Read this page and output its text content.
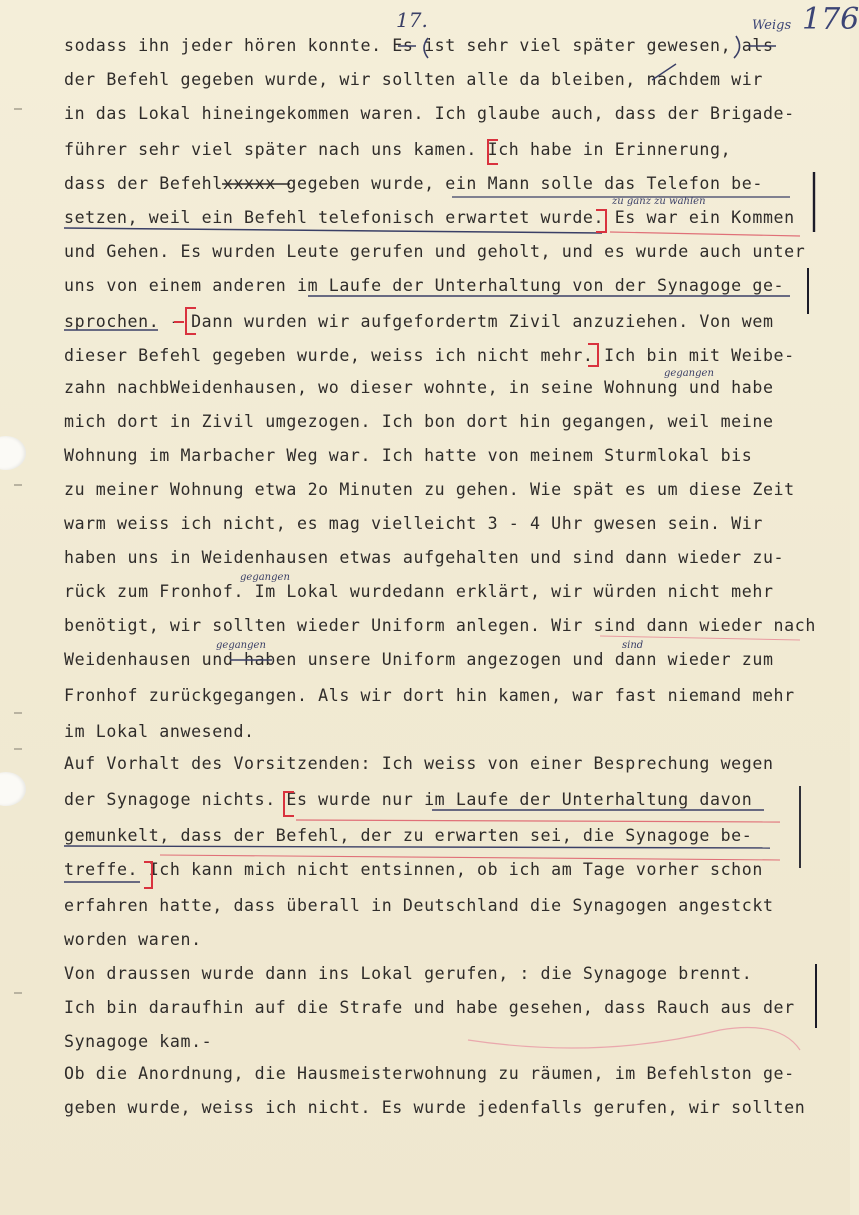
17.	Weigs 176
sodass ihn jeder hören konnte. Es ist sehr viel später gewesen, als
der Befehl gegeben wurde, wir sollten alle da bleiben, nachdem wir
in das Lokal hineingekommen waren. Ich glaube auch, dass der Brigade-
führer sehr viel später nach uns kamen. Ich habe in Erinnerung,
dass der Befehlxxxxx gegeben wurde, ein Mann solle das Telefon be-
setzen, weil ein Befehl telefonisch erwartet wurde. Es war ein Kommen
und Gehen. Es wurden Leute gerufen und geholt, und es wurde auch unter
uns von einem anderen im Laufe der Unterhaltung von der Synagoge ge-
sprochen. - Dann wurden wir aufgefordertm Zivil anzuziehen. Von wem
dieser Befehl gegeben wurde, weiss ich nicht mehr. Ich bin mit Weibe-
zahn nachbWeidenhausen, wo dieser wohnte, in seine Wohnung und habe
mich dort in Zivil umgezogen. Ich bon dort hin gegangen, weil meine
Wohnung im Marbacher Weg war. Ich hatte von meinem Sturmlokal bis
zu meiner Wohnung etwa 2o Minuten zu gehen. Wie spät es um diese Zeit
warm weiss ich nicht, es mag vielleicht 3 - 4 Uhr gwesen sein. Wir
haben uns in Weidenhausen etwas aufgehalten und sind dann wieder zu-
rück zum Fronhof. Im Lokal wurdedann erklärt, wir würden nicht mehr
benötigt, wir sollten wieder Uniform anlegen. Wir sind dann wieder nach
Weidenhausen und haben unsere Uniform angezogen und dann wieder zum
Fronhof zurückgegangen. Als wir dort hin kamen, war fast niemand mehr
im Lokal anwesend.
Auf Vorhalt des Vorsitzenden: Ich weiss von einer Besprechung wegen
der Synagoge nichts. Es wurde nur im Laufe der Unterhaltung davon
gemunkelt, dass der Befehl, der zu erwarten sei, die Synagoge be-
treffe. Ich kann mich nicht entsinnen, ob ich am Tage vorher schon
erfahren hatte, dass überall in Deutschland die Synagogen angestckt
worden waren.
Von draussen wurde dann ins Lokal gerufen, : die Synagoge brennt.
Ich bin daraufhin auf die Strafe und habe gesehen, dass Rauch aus der
Synagoge kam.-
Ob die Anordnung, die Hausmeisterwohnung zu räumen, im Befehlston ge-
geben wurde, weiss ich nicht. Es wurde jedenfalls gerufen, wir sollten
zu ganz zu wählen
gegangen
gegangen
gegangen	sind
